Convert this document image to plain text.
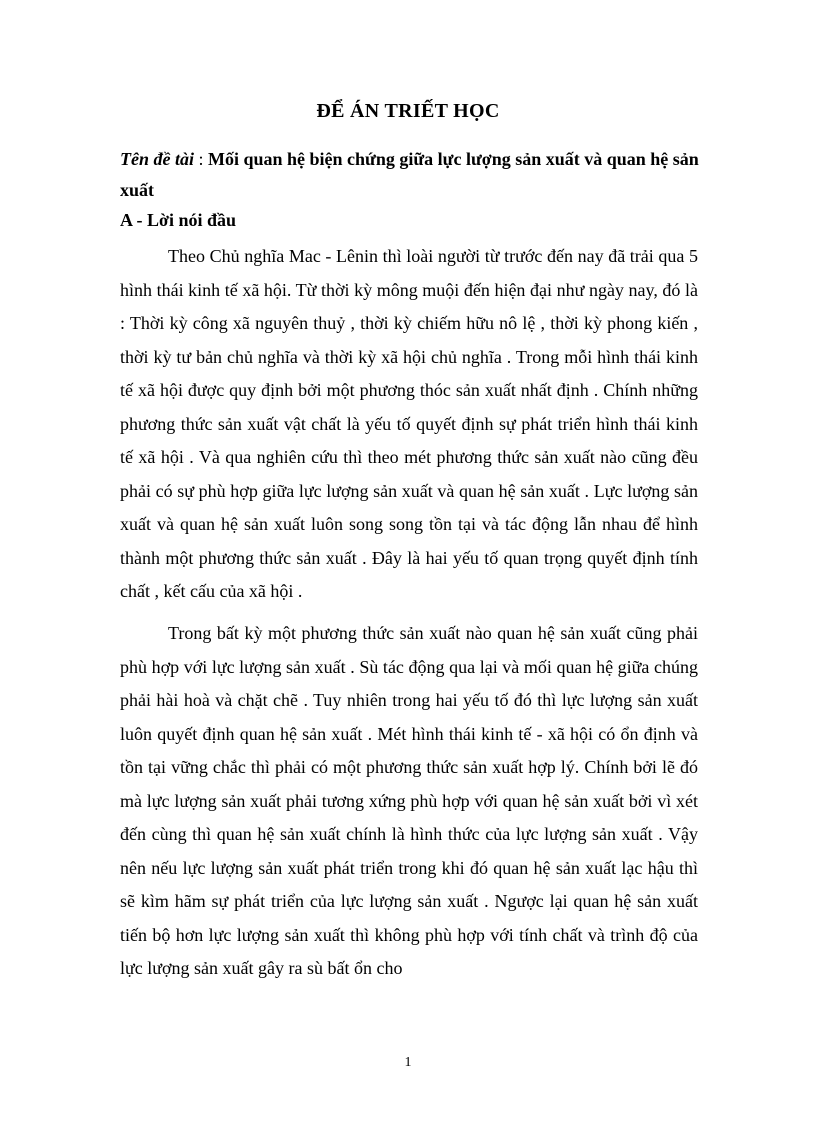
ĐỂ ÁN TRIẾT HỌC
Tên đề tài : Mối quan hệ biện chứng giữa lực lượng sản xuất và quan hệ sản xuất
A - Lời nói đầu

Theo Chủ nghĩa Mac - Lênin thì loài người từ trước đến nay đã trải qua 5 hình thái kinh tế xã hội. Từ thời kỳ mông muội đến hiện đại như ngày nay, đó là : Thời kỳ công xã nguyên thuỷ , thời kỳ chiếm hữu nô lệ , thời kỳ phong kiến , thời kỳ tư bản chủ nghĩa và thời kỳ xã hội chủ nghĩa . Trong mỗi hình thái kinh tế xã hội được quy định bởi một phương thóc sản xuất nhất định . Chính những phương thức sản xuất vật chất là yếu tố quyết định sự phát triển hình thái kinh tế xã hội . Và qua nghiên cứu thì theo mét phương thức sản xuất nào cũng đều phải có sự phù hợp giữa lực lượng sản xuất và quan hệ sản xuất . Lực lượng sản xuất và quan hệ sản xuất luôn song song tồn tại và tác động lẫn nhau để hình thành một phương thức sản xuất . Đây là hai yếu tố quan trọng quyết định tính chất , kết cấu của xã hội .

Trong bất kỳ một phương thức sản xuất nào quan hệ sản xuất cũng phải phù hợp với lực lượng sản xuất . Sù tác động qua lại và mối quan hệ giữa chúng phải hài hoà và chặt chẽ . Tuy nhiên trong hai yếu tố đó thì lực lượng sản xuất luôn quyết định quan hệ sản xuất . Mét hình thái kinh tế - xã hội có ổn định và tồn tại vững chắc thì phải có một phương thức sản xuất hợp lý. Chính bởi lẽ đó mà lực lượng sản xuất phải tương xứng phù hợp với quan hệ sản xuất bởi vì xét đến cùng thì quan hệ sản xuất chính là hình thức của lực lượng sản xuất . Vậy nên nếu lực lượng sản xuất phát triển trong khi đó quan hệ sản xuất lạc hậu thì sẽ kìm hãm sự phát triển của lực lượng sản xuất . Ngược lại quan hệ sản xuất tiến bộ hơn lực lượng sản xuất thì không phù hợp với tính chất và trình độ của lực lượng sản xuất gây ra sù bất ổn cho

1
